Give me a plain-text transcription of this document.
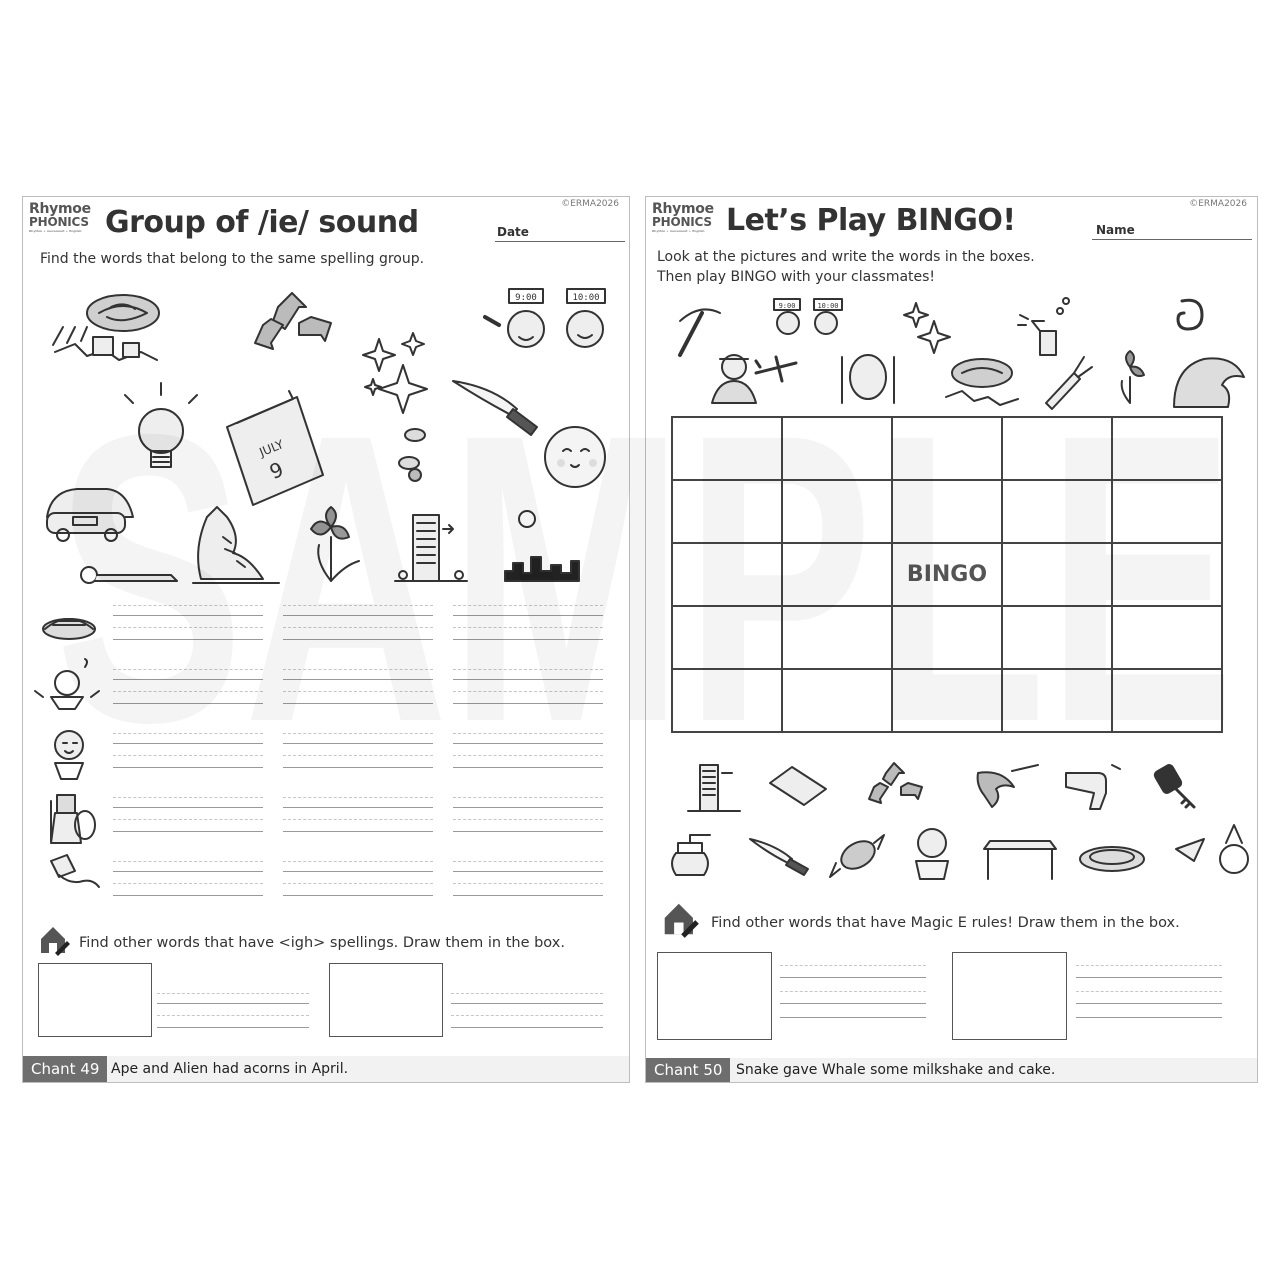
Rhymoe
PHONICS
Rhythm + movement + English Group of /ie/ sound
©ERMA2026
Date
Find the words that belong to the same spelling group.
9:00	10:00
JULY
9
Find other words that have <igh> spellings. Draw them in the box.
Chant 49 Ape and Alien had acorns in April.
Rhymoe
PHONICS
Rhythm + movement + English Let’s Play BINGO!	©ERMA2026
Name
Look at the pictures and write the words in the boxes.
Then play BINGO with your classmates!
9:00	10:00

		BINGO		

Find other words that have Magic E rules! Draw them in the box.
Chant 50 Snake gave Whale some milkshake and cake.
